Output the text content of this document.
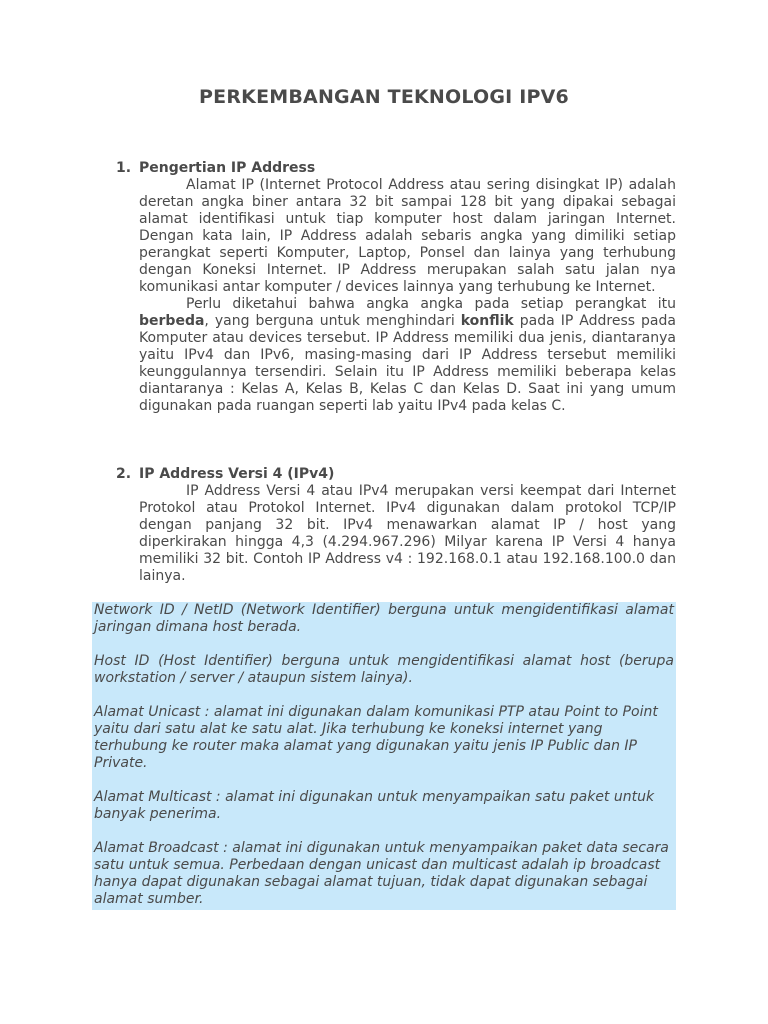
PERKEMBANGAN TEKNOLOGI IPV6
1. Pengertian IP Address

Alamat IP (Internet Protocol Address atau sering disingkat IP) adalah deretan angka biner antara 32 bit sampai 128 bit yang dipakai sebagai alamat identifikasi untuk tiap komputer host dalam jaringan Internet. Dengan kata lain, IP Address adalah sebaris angka yang dimiliki setiap perangkat seperti Komputer, Laptop, Ponsel dan lainya yang terhubung dengan Koneksi Internet. IP Address merupakan salah satu jalan nya komunikasi antar komputer / devices lainnya yang terhubung ke Internet.

Perlu diketahui bahwa angka angka pada setiap perangkat itu berbeda, yang berguna untuk menghindari konflik pada IP Address pada Komputer atau devices tersebut. IP Address memiliki dua jenis, diantaranya yaitu IPv4 dan IPv6, masing-masing dari IP Address tersebut memiliki keunggulannya tersendiri. Selain itu IP Address memiliki beberapa kelas diantaranya : Kelas A, Kelas B, Kelas C dan Kelas D. Saat ini yang umum digunakan pada ruangan seperti lab yaitu IPv4 pada kelas C.

2. IP Address Versi 4 (IPv4)

IP Address Versi 4 atau IPv4 merupakan versi keempat dari Internet Protokol atau Protokol Internet. IPv4 digunakan dalam protokol TCP/IP dengan panjang 32 bit. IPv4 menawarkan alamat IP / host yang diperkirakan hingga 4,3 (4.294.967.296) Milyar karena IP Versi 4 hanya memiliki 32 bit. Contoh IP Address v4 : 192.168.0.1 atau 192.168.100.0 dan lainya.

Network ID / NetID (Network Identifier) berguna untuk mengidentifikasi alamat jaringan dimana host berada.

Host ID (Host Identifier) berguna untuk mengidentifikasi alamat host (berupa workstation / server / ataupun sistem lainya).

Alamat Unicast : alamat ini digunakan dalam komunikasi PTP atau Point to Point yaitu dari satu alat ke satu alat. Jika terhubung ke koneksi internet yang terhubung ke router maka alamat yang digunakan yaitu jenis IP Public dan IP Private.

Alamat Multicast : alamat ini digunakan untuk menyampaikan satu paket untuk banyak penerima.

Alamat Broadcast : alamat ini digunakan untuk menyampaikan paket data secara satu untuk semua. Perbedaan dengan unicast dan multicast adalah ip broadcast hanya dapat digunakan sebagai alamat tujuan, tidak dapat digunakan sebagai alamat sumber.
